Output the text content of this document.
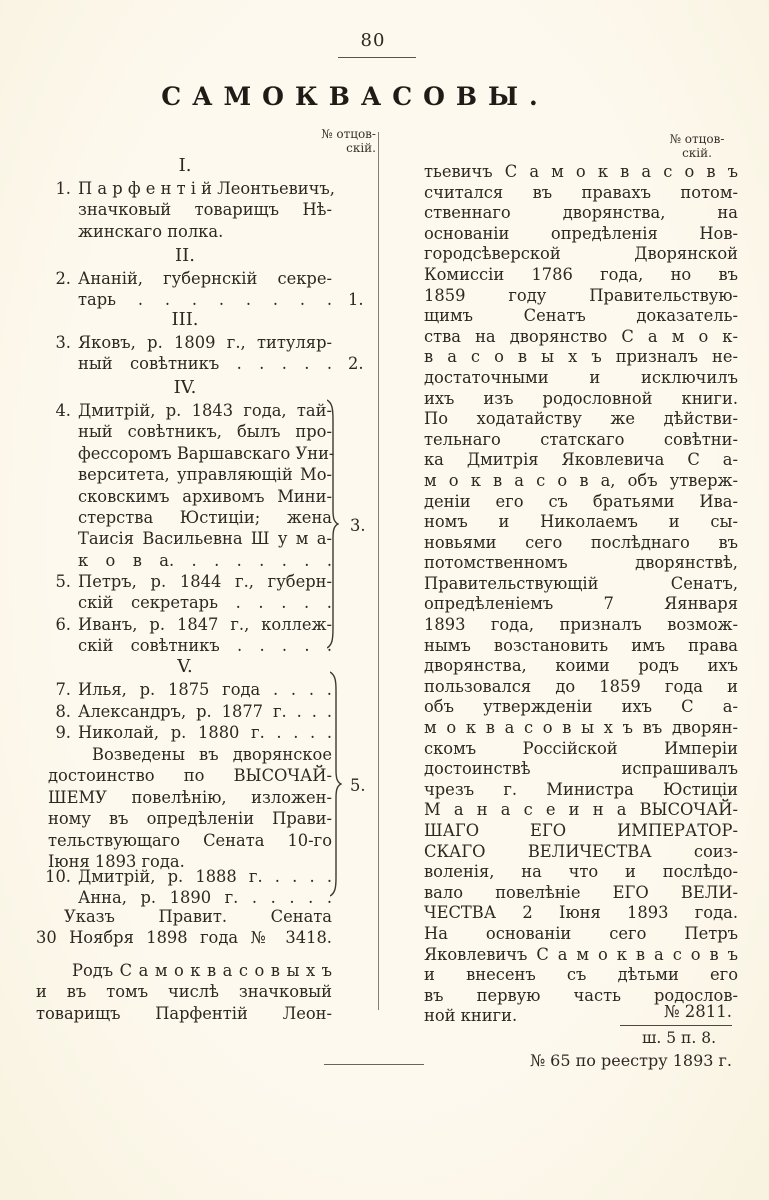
80
САМОКВАСОВЫ.
№ отцов-
скій.
№ отцов-
скій.
I.
1. П а р ф е н т і й Леонтьевичъ,
значковый товарищъ Нѣ-
жинскаго полка.
II.
2. Ананій, губернскій секре-
тарь . . . . . . . . 1.
III.
3. Яковъ, р. 1809 г., титуляр-
ный совѣтникъ . . . . . 2.
IV.
4. Дмитрій, р. 1843 года, тай-
ный совѣтникъ, былъ про-
фессоромъ Варшавскаго Уни-
верситета, управляющій Мо-
сковскимъ архивомъ Мини-
стерства Юстиціи; жена
Таисія Васильевна Ш у м а-
к о в а. . . . . . . .
5. Петръ, р. 1844 г., губерн-
скій секретарь . . . . .
6. Иванъ, р. 1847 г., коллеж-
скій совѣтникъ . . . . .
3.
V.
7. Илья, р. 1875 года . . . .
8. Александръ, р. 1877 г. . . .
9. Николай, р. 1880 г. . . . .
Возведены въ дворянское
достоинство по ВЫСОЧАЙ-
ШЕМУ повелѣнію, изложен-
ному въ опредѣленіи Прави-
тельствующаго Сената 10-го
Іюня 1893 года.
10. Дмитрій, р. 1888 г. . . . .
Анна, р. 1890 г. . . . . .
5.
Указъ Правит. Сената
30 Ноября 1898 года № 3418.
Родъ С а м о к в а с о в ы х ъ
и въ томъ числѣ значковый
товарищъ Парфентій Леон-
тьевичъ С а м о к в а с о в ъ
считался въ правахъ потом-
ственнаго дворянства, на
основаніи опредѣленія Нов-
городсѣверской Дворянской
Комиссіи 1786 года, но въ
1859 году Правительствую-
щимъ Сенатъ доказатель-
ства на дворянство С а м о к-
в а с о в ы х ъ призналъ не-
достаточными и исключилъ
ихъ изъ родословной книги.
По ходатайству же дѣйстви-
тельнаго статскаго совѣтни-
ка Дмитрія Яковлевича С а-
м о к в а с о в а, объ утверж-
деніи его съ братьями Ива-
номъ и Николаемъ и сы-
новьями сего послѣднаго въ
потомственномъ дворянствѣ,
Правительствующій Сенатъ,
опредѣленіемъ 7 Яянваря
1893 года, призналъ возмож-
нымъ возстановить имъ права
дворянства, коими родъ ихъ
пользовался до 1859 года и
объ утвержденіи ихъ С а-
м о к в а с о в ы х ъ въ дворян-
скомъ Россійской Имперіи
достоинствѣ испрашивалъ
чрезъ г. Министра Юстиціи
М а н а с е и н а ВЫСОЧАЙ-
ШАГО ЕГО ИМПЕРАТОР-
СКАГО ВЕЛИЧЕСТВА соиз-
воленія, на что и послѣдо-
вало повелѣніе ЕГО ВЕЛИ-
ЧЕСТВА 2 Іюня 1893 года.
На основаніи сего Петръ
Яковлевичъ С а м о к в а с о в ъ
и внесенъ съ дѣтьми его
въ первую часть родослов-
ной книги.	№ 2811.
ш. 5 п. 8.
№ 65 по реестру 1893 г.
